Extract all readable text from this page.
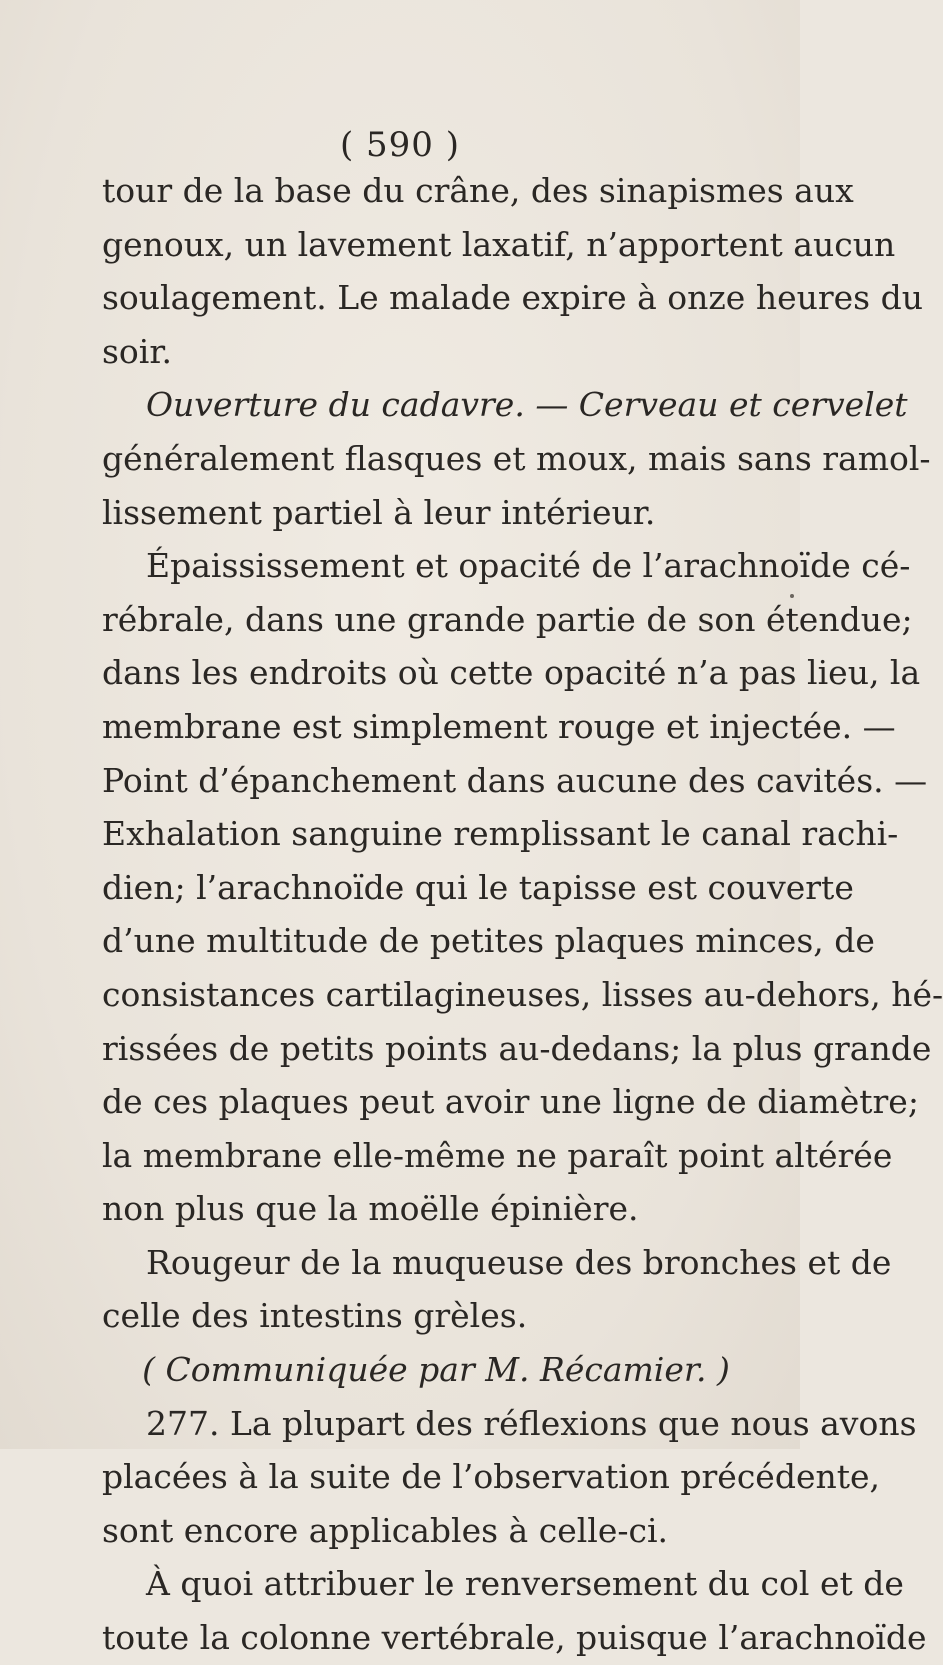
( 590 )
tour de la base du crâne, des sinapismes aux
genoux, un lavement laxatif, n’apportent aucun
soulagement. Le malade expire à onze heures du
soir.
Ouverture du cadavre. — Cerveau et cervelet
généralement flasques et moux, mais sans ramol-
lissement partiel à leur intérieur.
Épaississement et opacité de l’arachnoïde cé-
rébrale, dans une grande partie de son étendue;
dans les endroits où cette opacité n’a pas lieu, la
membrane est simplement rouge et injectée. —
Point d’épanchement dans aucune des cavités. —
Exhalation sanguine remplissant le canal rachi-
dien; l’arachnoïde qui le tapisse est couverte
d’une multitude de petites plaques minces, de
consistances cartilagineuses, lisses au-dehors, hé-
rissées de petits points au-dedans; la plus grande
de ces plaques peut avoir une ligne de diamètre;
la membrane elle-même ne paraît point altérée
non plus que la moëlle épinière.
Rougeur de la muqueuse des bronches et de
celle des intestins grèles.
( Communiquée par M. Récamier. )
277. La plupart des réflexions que nous avons
placées à la suite de l’observation précédente,
sont encore applicables à celle-ci.
À quoi attribuer le renversement du col et de
toute la colonne vertébrale, puisque l’arachnoïde
